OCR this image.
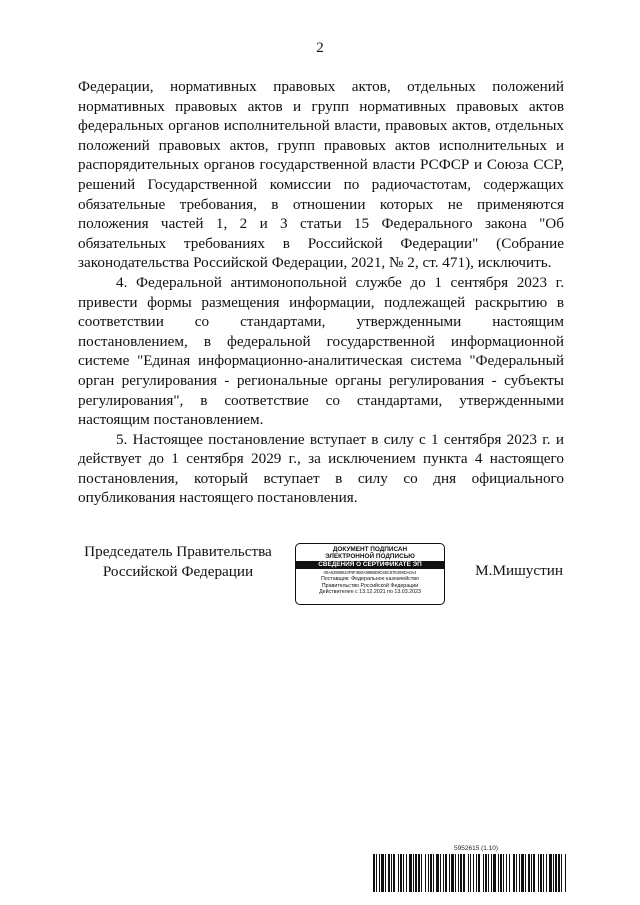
2

Федерации, нормативных правовых актов, отдельных положений нормативных правовых актов и групп нормативных правовых актов федеральных органов исполнительной власти, правовых актов, отдельных положений правовых актов, групп правовых актов исполнительных и распорядительных органов государственной власти РСФСР и Союза ССР, решений Государственной комиссии по радиочастотам, содержащих обязательные требования, в отношении которых не применяются положения частей 1, 2 и 3 статьи 15 Федерального закона "Об обязательных требованиях в Российской Федерации" (Собрание законодательства Российской Федерации, 2021, № 2, ст. 471), исключить.

4. Федеральной антимонопольной службе до 1 сентября 2023 г. привести формы размещения информации, подлежащей раскрытию в соответствии со стандартами, утвержденными настоящим постановлением, в федеральной государственной информационной системе "Единая информационно-аналитическая система "Федеральный орган регулирования - региональные органы регулирования - субъекты регулирования", в соответствие со стандартами, утвержденными настоящим постановлением.

5. Настоящее постановление вступает в силу с 1 сентября 2023 г. и действует до 1 сентября 2029 г., за исключением пункта 4 настоящего постановления, который вступает в силу со дня официального опубликования настоящего постановления.

Председатель Правительства
Российской Федерации
ДОКУМЕНТ ПОДПИСАН
ЭЛЕКТРОННОЙ ПОДПИСЬЮ
СВЕДЕНИЯ О СЕРТИФИКАТЕ ЭП
00A63988043F9F3B0A9988E9C69C87E499DA0A4
Поставщик: Федеральное казначейство
Правительство Российской Федерации
Действителен с 13.12.2021 по 13.03.2023
М.Мишустин
5952615 (1.10)
